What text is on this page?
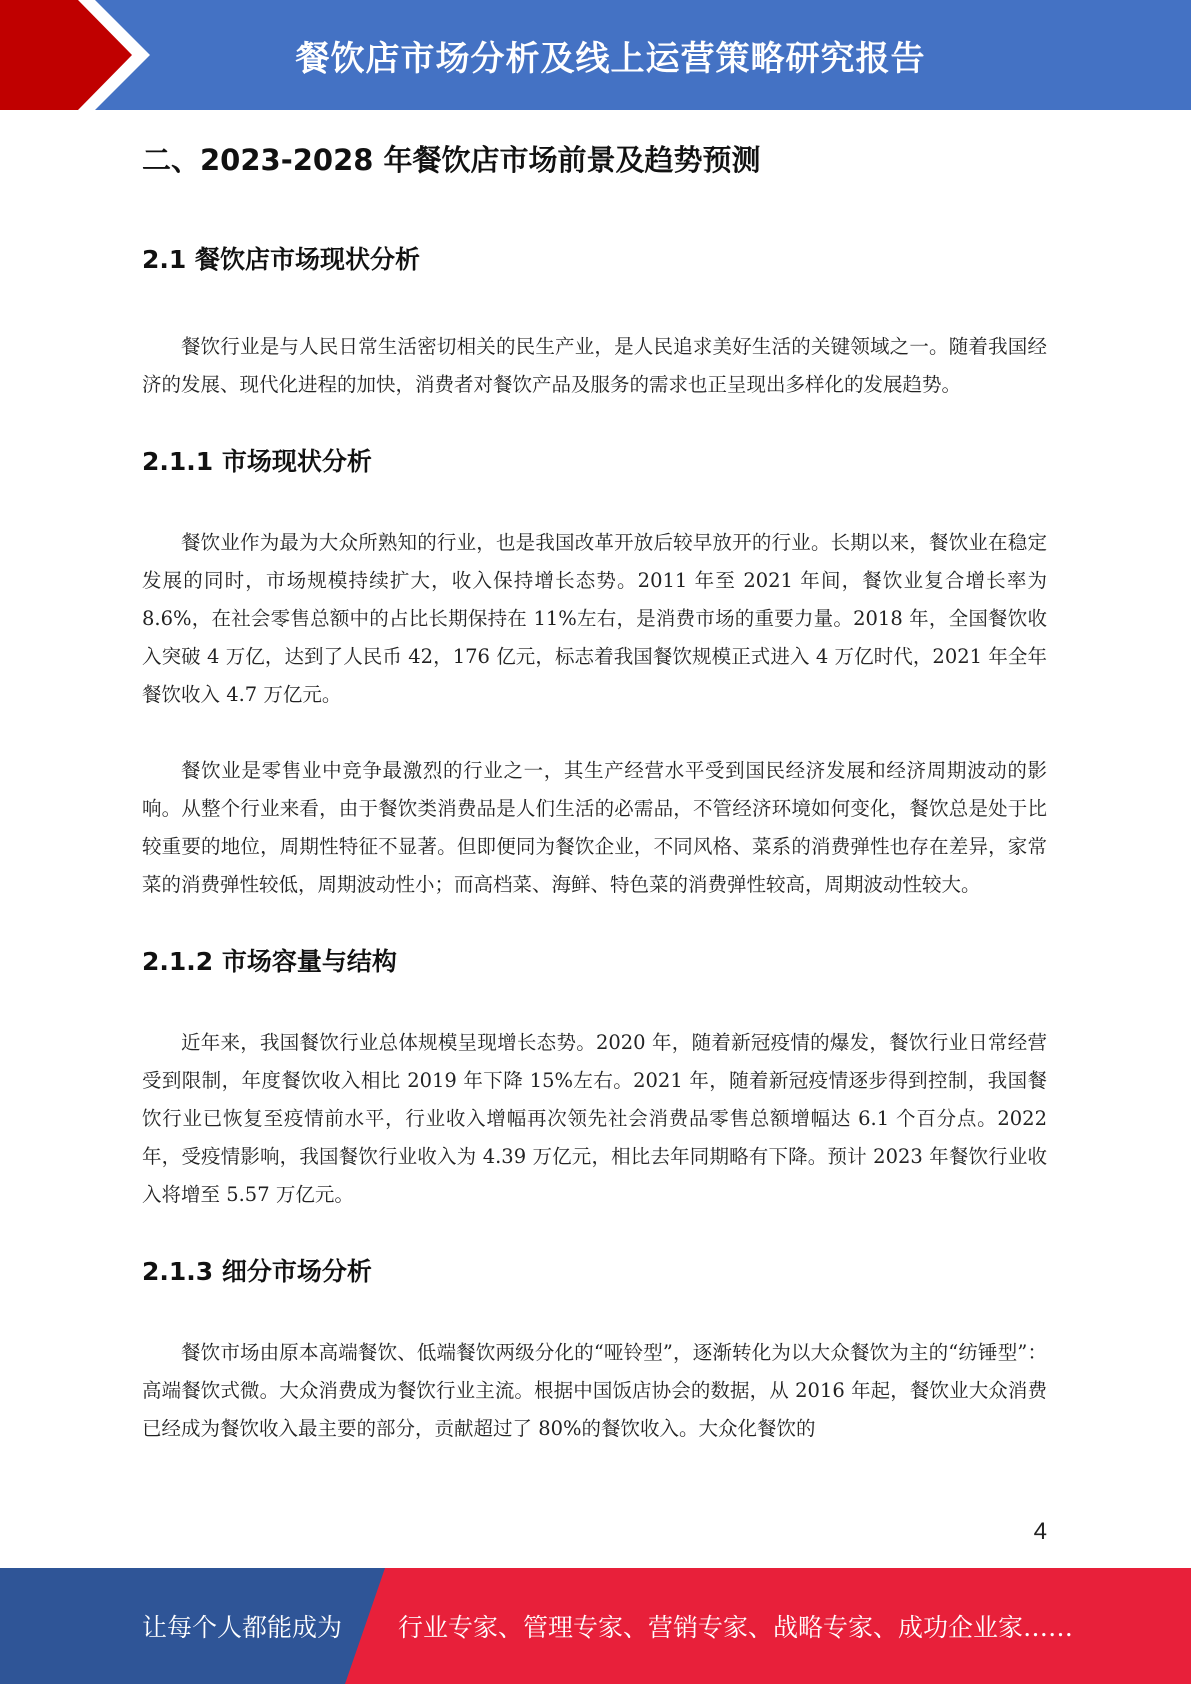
餐饮店市场分析及线上运营策略研究报告
二、2023-2028 年餐饮店市场前景及趋势预测
2.1 餐饮店市场现状分析

餐饮行业是与人民日常生活密切相关的民生产业，是人民追求美好生活的关键领域之一。随着我国经济的发展、现代化进程的加快，消费者对餐饮产品及服务的需求也正呈现出多样化的发展趋势。

2.1.1 市场现状分析

餐饮业作为最为大众所熟知的行业，也是我国改革开放后较早放开的行业。长期以来，餐饮业在稳定发展的同时，市场规模持续扩大，收入保持增长态势。2011 年至 2021 年间，餐饮业复合增长率为 8.6%，在社会零售总额中的占比长期保持在 11%左右，是消费市场的重要力量。2018 年，全国餐饮收入突破 4 万亿，达到了人民币 42，176 亿元，标志着我国餐饮规模正式进入 4 万亿时代，2021 年全年餐饮收入 4.7 万亿元。

餐饮业是零售业中竞争最激烈的行业之一，其生产经营水平受到国民经济发展和经济周期波动的影响。从整个行业来看，由于餐饮类消费品是人们生活的必需品，不管经济环境如何变化，餐饮总是处于比较重要的地位，周期性特征不显著。但即便同为餐饮企业，不同风格、菜系的消费弹性也存在差异，家常菜的消费弹性较低，周期波动性小；而高档菜、海鲜、特色菜的消费弹性较高，周期波动性较大。

2.1.2 市场容量与结构

近年来，我国餐饮行业总体规模呈现增长态势。2020 年，随着新冠疫情的爆发，餐饮行业日常经营受到限制，年度餐饮收入相比 2019 年下降 15%左右。2021 年，随着新冠疫情逐步得到控制，我国餐饮行业已恢复至疫情前水平，行业收入增幅再次领先社会消费品零售总额增幅达 6.1 个百分点。2022 年，受疫情影响，我国餐饮行业收入为 4.39 万亿元，相比去年同期略有下降。预计 2023 年餐饮行业收入将增至 5.57 万亿元。

2.1.3 细分市场分析

餐饮市场由原本高端餐饮、低端餐饮两级分化的“哑铃型”，逐渐转化为以大众餐饮为主的“纺锤型”：高端餐饮式微。大众消费成为餐饮行业主流。根据中国饭店协会的数据，从 2016 年起，餐饮业大众消费已经成为餐饮收入最主要的部分，贡献超过了 80%的餐饮收入。大众化餐饮的

4
让每个人都能成为 行业专家、管理专家、营销专家、战略专家、成功企业家……
